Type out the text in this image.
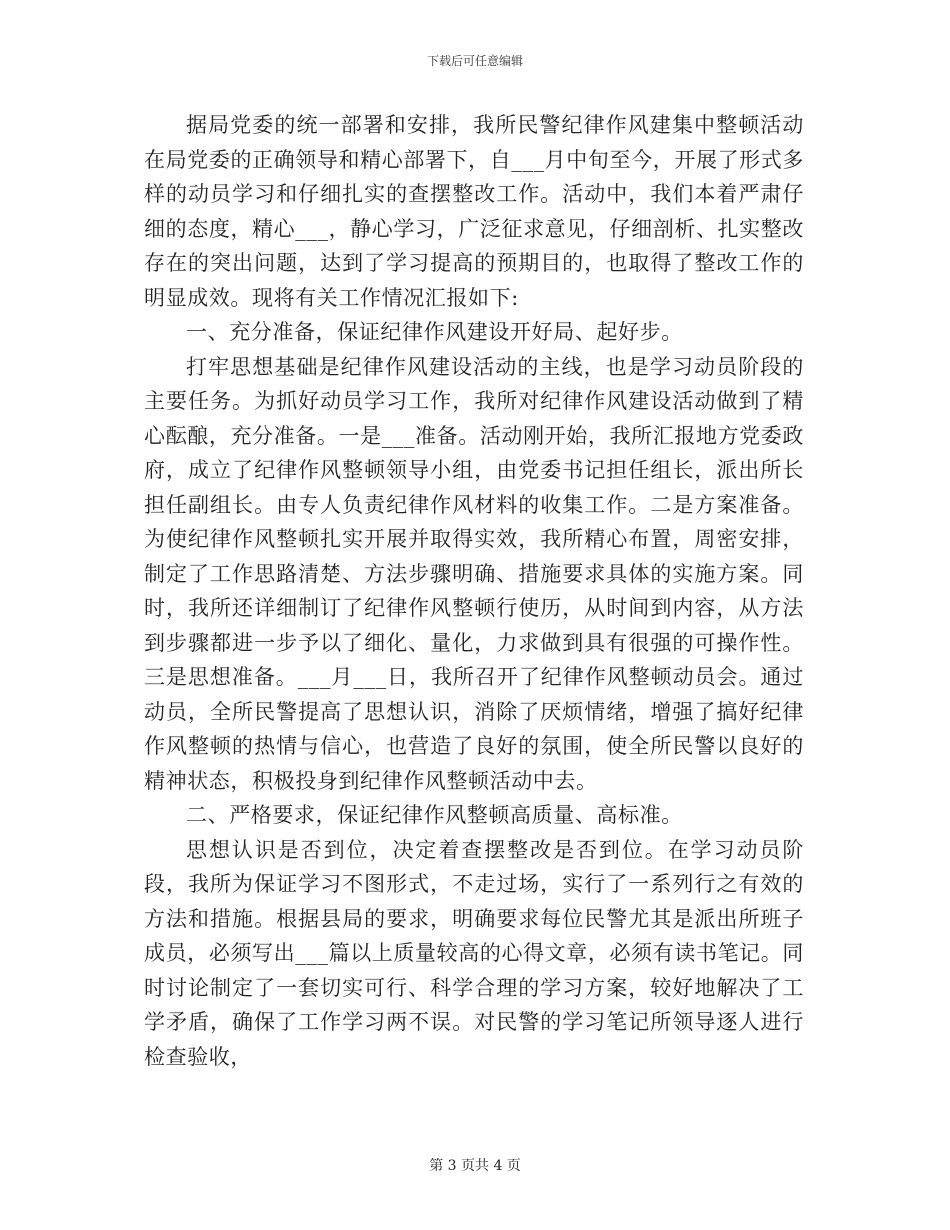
下载后可任意编辑

据局党委的统一部署和安排，我所民警纪律作风建集中整顿活动在局党委的正确领导和精心部署下，自___月中旬至今，开展了形式多样的动员学习和仔细扎实的查摆整改工作。活动中，我们本着严肃仔细的态度，精心___，静心学习，广泛征求意见，仔细剖析、扎实整改存在的突出问题，达到了学习提高的预期目的，也取得了整改工作的明显成效。现将有关工作情况汇报如下:

一、充分准备，保证纪律作风建设开好局、起好步。

打牢思想基础是纪律作风建设活动的主线，也是学习动员阶段的主要任务。为抓好动员学习工作，我所对纪律作风建设活动做到了精心酝酿，充分准备。一是___准备。活动刚开始，我所汇报地方党委政府，成立了纪律作风整顿领导小组，由党委书记担任组长，派出所长担任副组长。由专人负责纪律作风材料的收集工作。二是方案准备。为使纪律作风整顿扎实开展并取得实效，我所精心布置，周密安排，制定了工作思路清楚、方法步骤明确、措施要求具体的实施方案。同时，我所还详细制订了纪律作风整顿行使历，从时间到内容，从方法到步骤都进一步予以了细化、量化，力求做到具有很强的可操作性。三是思想准备。___月___日，我所召开了纪律作风整顿动员会。通过动员，全所民警提高了思想认识，消除了厌烦情绪，增强了搞好纪律作风整顿的热情与信心，也营造了良好的氛围，使全所民警以良好的精神状态，积极投身到纪律作风整顿活动中去。

二、严格要求，保证纪律作风整顿高质量、高标准。

思想认识是否到位，决定着查摆整改是否到位。在学习动员阶段，我所为保证学习不图形式，不走过场，实行了一系列行之有效的方法和措施。根据县局的要求，明确要求每位民警尤其是派出所班子成员，必须写出___篇以上质量较高的心得文章，必须有读书笔记。同时讨论制定了一套切实可行、科学合理的学习方案，较好地解决了工学矛盾，确保了工作学习两不误。对民警的学习笔记所领导逐人进行检查验收，

第 3 页共 4 页
